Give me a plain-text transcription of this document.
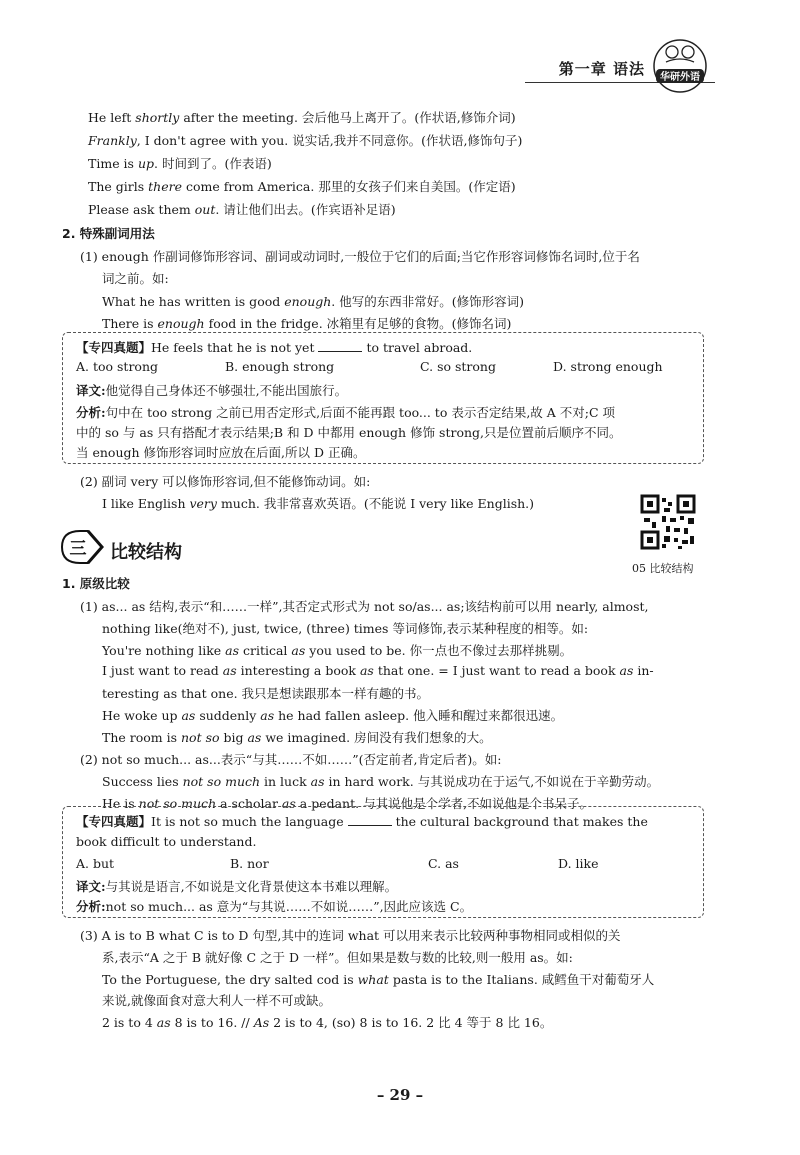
第一章 语法 华研外语
He left shortly after the meeting. 会后他马上离开了。(作状语,修饰介词)
Frankly, I don't agree with you. 说实话,我并不同意你。(作状语,修饰句子)
Time is up. 时间到了。(作表语)
The girls there come from America. 那里的女孩子们来自美国。(作定语)
Please ask them out. 请让他们出去。(作宾语补足语)
2. 特殊副词用法
(1) enough 作副词修饰形容词、副词或动词时,一般位于它们的后面;当它作形容词修饰名词时,位于名
词之前。如:
What he has written is good enough. 他写的东西非常好。(修饰形容词)
There is enough food in the fridge. 冰箱里有足够的食物。(修饰名词)
【专四真题】He feels that he is not yet	to travel abroad.
A. too strong	B. enough strong	C. so strong	D. strong enough
译文:他觉得自己身体还不够强壮,不能出国旅行。
分析:句中在 too strong 之前已用否定形式,后面不能再跟 too... to 表示否定结果,故 A 不对;C 项
中的 so 与 as 只有搭配才表示结果;B 和 D 中都用 enough 修饰 strong,只是位置前后顺序不同。
当 enough 修饰形容词时应放在后面,所以 D 正确。
(2) 副词 very 可以修饰形容词,但不能修饰动词。如:
I like English very much. 我非常喜欢英语。(不能说 I very like English.)
05 比较结构
三 比较结构
1. 原级比较
(1) as... as 结构,表示“和……一样”,其否定式形式为 not so/as... as;该结构前可以用 nearly, almost,
nothing like(绝对不), just, twice, (three) times 等词修饰,表示某种程度的相等。如:
You're nothing like as critical as you used to be. 你一点也不像过去那样挑剔。
I just want to read as interesting a book as that one. = I just want to read a book as in-
teresting as that one. 我只是想读跟那本一样有趣的书。
He woke up as suddenly as he had fallen asleep. 他入睡和醒过来都很迅速。
The room is not so big as we imagined. 房间没有我们想象的大。
(2) not so much... as...表示“与其……不如……”(否定前者,肯定后者)。如:
Success lies not so much in luck as in hard work. 与其说成功在于运气,不如说在于辛勤劳动。
He is not so much a scholar as a pedant. 与其说他是个学者,不如说他是个书呆子。
【专四真题】It is not so much the language	the cultural background that makes the
book difficult to understand.
A. but	B. nor	C. as	D. like
译文:与其说是语言,不如说是文化背景使这本书难以理解。
分析:not so much... as 意为“与其说……不如说……”,因此应该选 C。
(3) A is to B what C is to D 句型,其中的连词 what 可以用来表示比较两种事物相同或相似的关
系,表示“A 之于 B 就好像 C 之于 D 一样”。但如果是数与数的比较,则一般用 as。如:
To the Portuguese, the dry salted cod is what pasta is to the Italians. 咸鳕鱼干对葡萄牙人
来说,就像面食对意大利人一样不可或缺。
2 is to 4 as 8 is to 16. // As 2 is to 4, (so) 8 is to 16. 2 比 4 等于 8 比 16。
– 29 –
